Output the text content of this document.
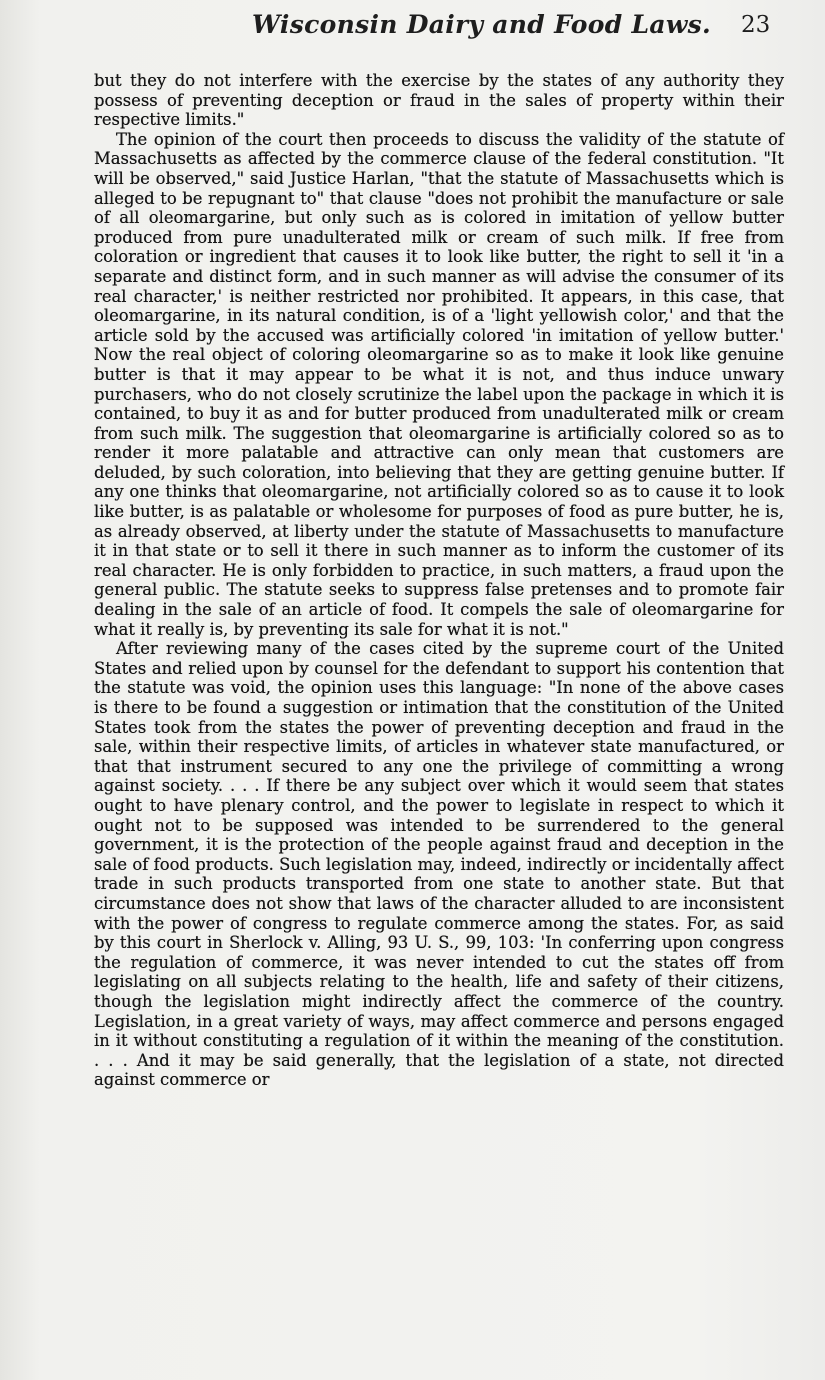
Wisconsin Dairy and Food Laws. 23

but they do not interfere with the exercise by the states of any authority they possess of preventing deception or fraud in the sales of property within their respective limits."

The opinion of the court then proceeds to discuss the validity of the statute of Massachusetts as affected by the commerce clause of the federal constitution. "It will be observed," said Justice Harlan, "that the statute of Massachusetts which is alleged to be repugnant to" that clause "does not prohibit the manufacture or sale of all oleomargarine, but only such as is colored in imitation of yellow butter produced from pure unadulterated milk or cream of such milk. If free from coloration or ingredient that causes it to look like butter, the right to sell it 'in a separate and distinct form, and in such manner as will advise the consumer of its real character,' is neither restricted nor prohibited. It appears, in this case, that oleomargarine, in its natural condition, is of a 'light yellowish color,' and that the article sold by the accused was artificially colored 'in imitation of yellow butter.' Now the real object of coloring oleomargarine so as to make it look like genuine butter is that it may appear to be what it is not, and thus induce unwary purchasers, who do not closely scrutinize the label upon the package in which it is contained, to buy it as and for butter produced from unadulterated milk or cream from such milk. The suggestion that oleomargarine is artificially colored so as to render it more palatable and attractive can only mean that customers are deluded, by such coloration, into believing that they are getting genuine butter. If any one thinks that oleomargarine, not artificially colored so as to cause it to look like butter, is as palatable or wholesome for purposes of food as pure butter, he is, as already observed, at liberty under the statute of Massachusetts to manufacture it in that state or to sell it there in such manner as to inform the customer of its real character. He is only forbidden to practice, in such matters, a fraud upon the general public. The statute seeks to suppress false pretenses and to promote fair dealing in the sale of an article of food. It compels the sale of oleomargarine for what it really is, by preventing its sale for what it is not."

After reviewing many of the cases cited by the supreme court of the United States and relied upon by counsel for the defendant to support his contention that the statute was void, the opinion uses this language: "In none of the above cases is there to be found a suggestion or intimation that the constitution of the United States took from the states the power of preventing deception and fraud in the sale, within their respective limits, of articles in whatever state manufactured, or that that instrument secured to any one the privilege of committing a wrong against society. . . . If there be any subject over which it would seem that states ought to have plenary control, and the power to legislate in respect to which it ought not to be supposed was intended to be surrendered to the general government, it is the protection of the people against fraud and deception in the sale of food products. Such legislation may, indeed, indirectly or incidentally affect trade in such products transported from one state to another state. But that circumstance does not show that laws of the character alluded to are inconsistent with the power of congress to regulate commerce among the states. For, as said by this court in Sherlock v. Alling, 93 U. S., 99, 103: 'In conferring upon congress the regulation of commerce, it was never intended to cut the states off from legislating on all subjects relating to the health, life and safety of their citizens, though the legislation might indirectly affect the commerce of the country. Legislation, in a great variety of ways, may affect commerce and persons engaged in it without constituting a regulation of it within the meaning of the constitution. . . . And it may be said generally, that the legislation of a state, not directed against commerce or
